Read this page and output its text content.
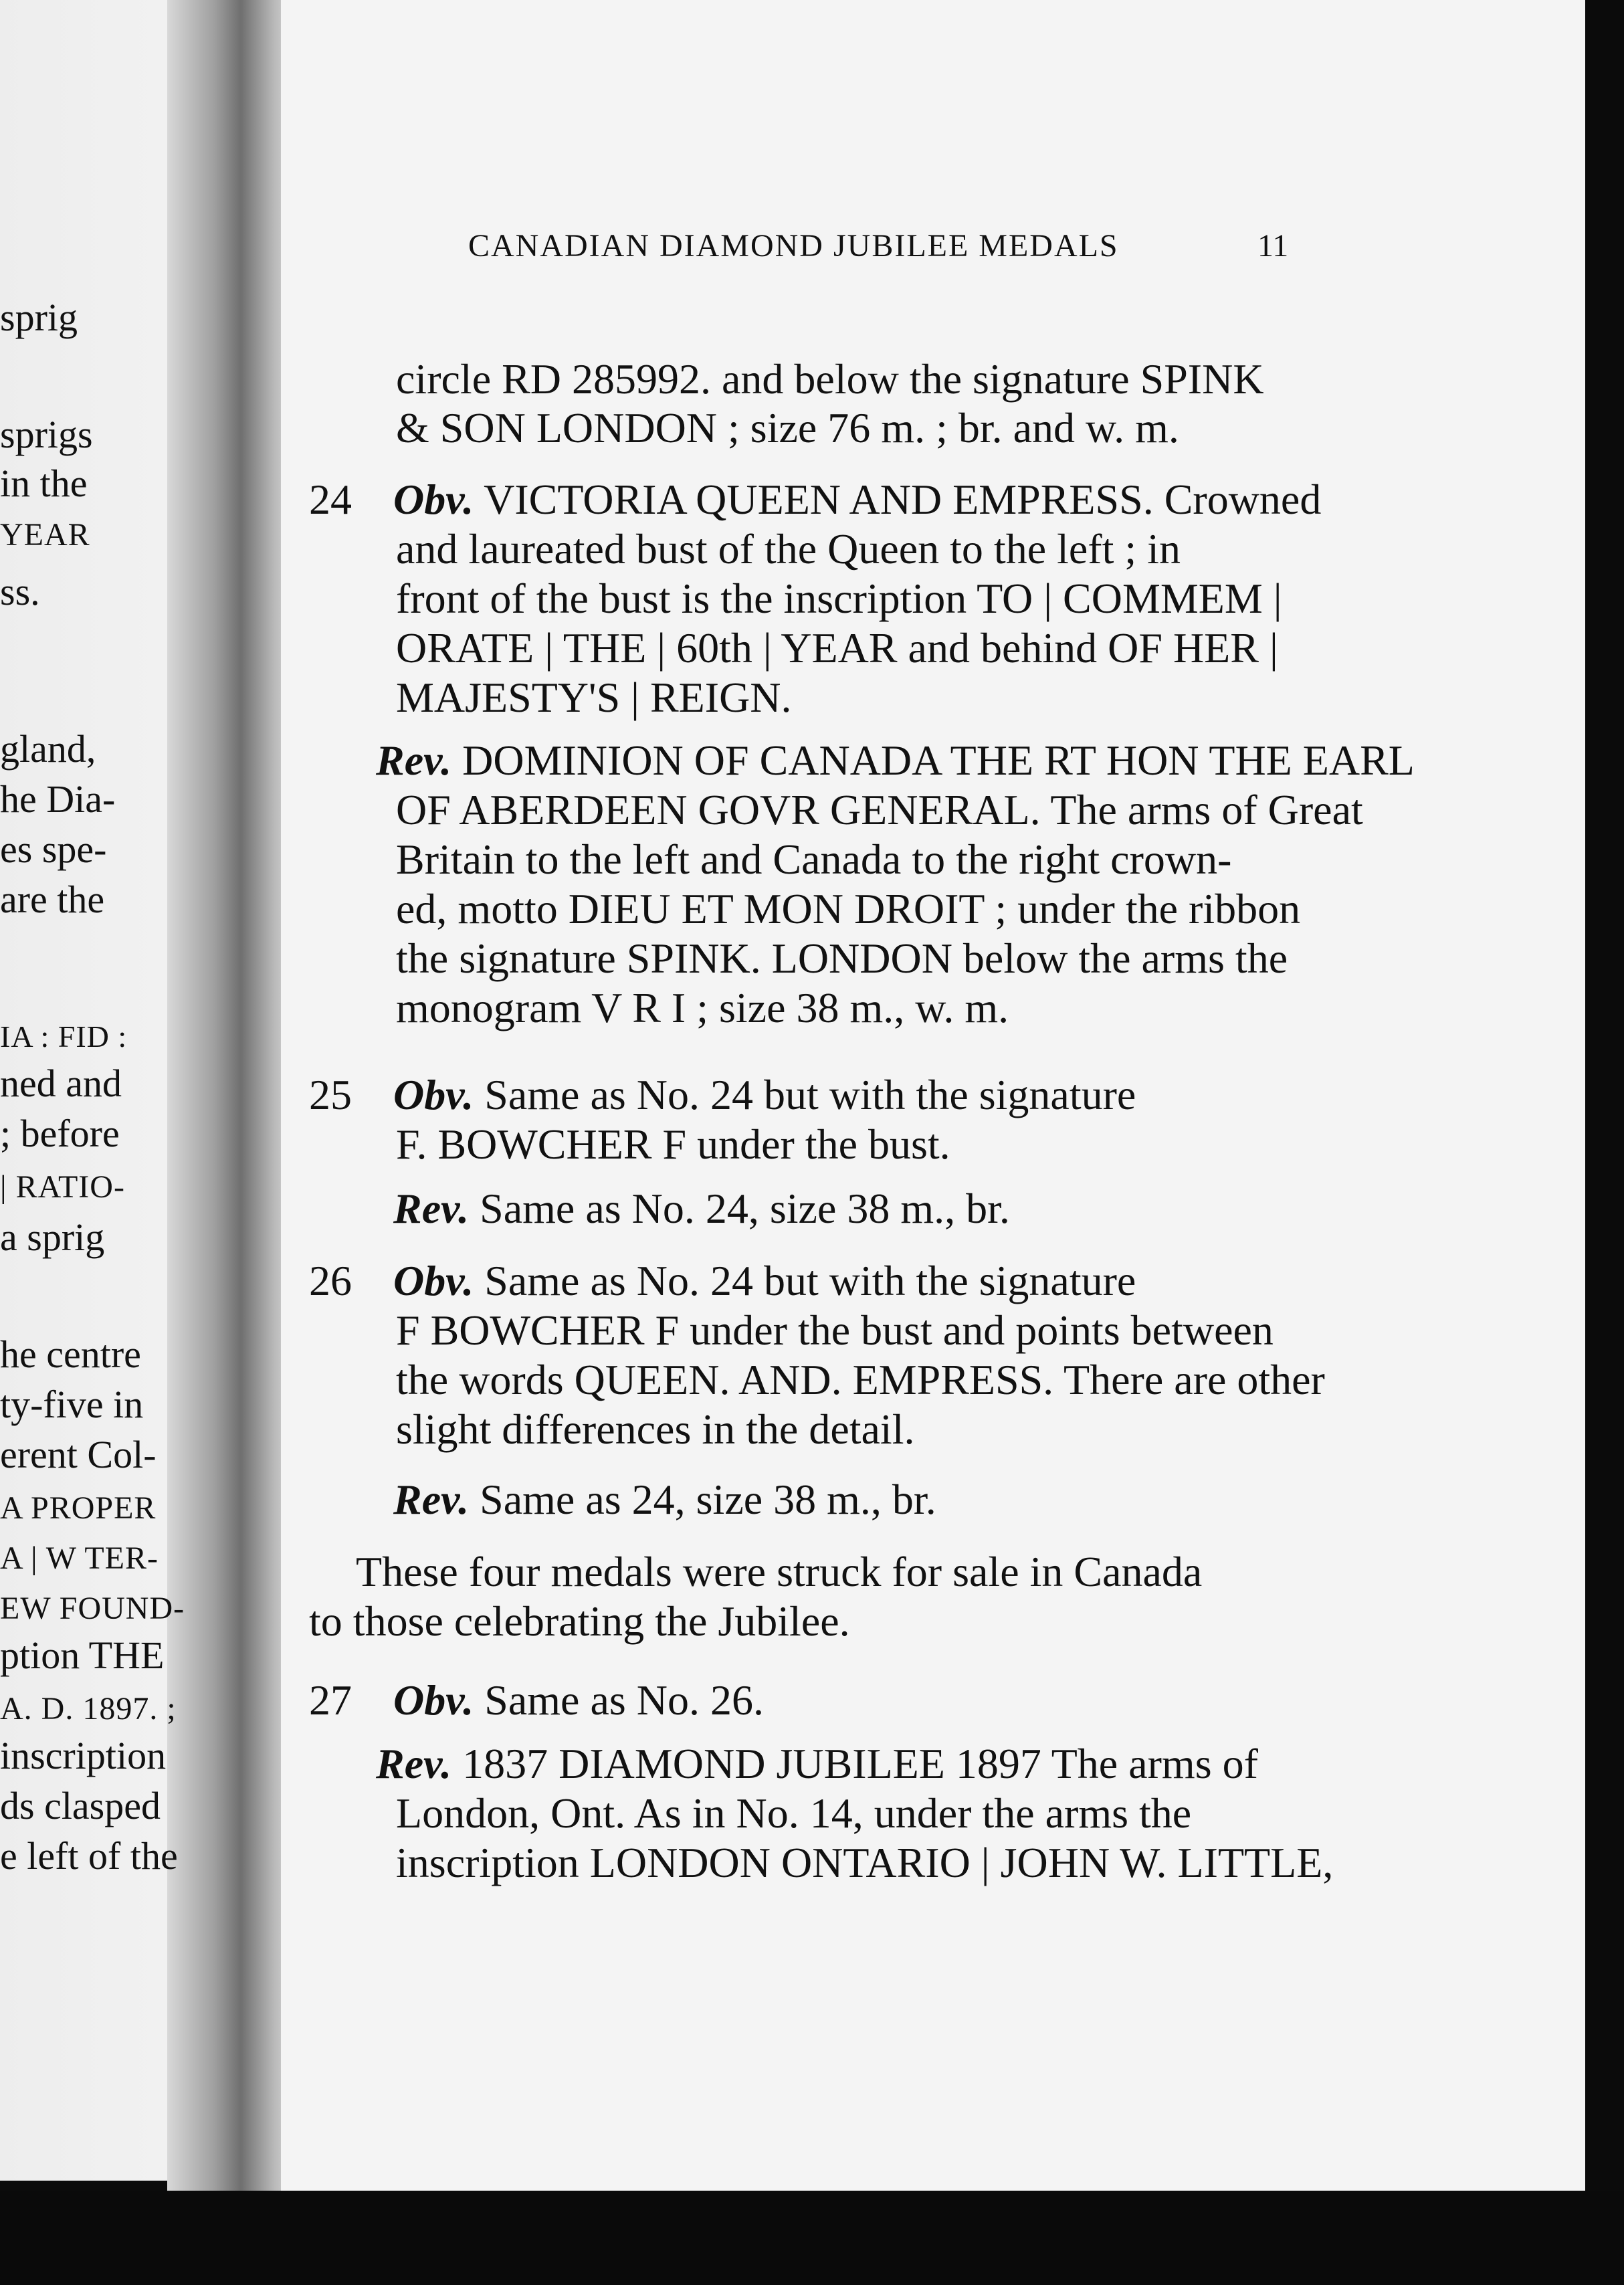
sprig
sprigs
in the
YEAR
ss.
gland,
he Dia-
es spe-
are the
IA : FID :
ned and
; before
| RATIO-
a sprig
he centre
ty-five in
erent Col-
A PROPER
A | W TER-
EW FOUND-
ption THE
A. D. 1897. ;
inscription
ds clasped
e left of the
CANADIAN DIAMOND JUBILEE MEDALS	11
circle RD 285992. and below the signature SPINK
& SON LONDON ; size 76 m. ; br. and w. m.
24 Obv. VICTORIA QUEEN AND EMPRESS. Crowned
and laureated bust of the Queen to the left ; in
front of the bust is the inscription TO | COMMEM |
ORATE | THE | 60th | YEAR and behind OF HER |
MAJESTY'S | REIGN.
Rev. DOMINION OF CANADA THE RT HON THE EARL
OF ABERDEEN GOVR GENERAL. The arms of Great
Britain to the left and Canada to the right crown-
ed, motto DIEU ET MON DROIT ; under the ribbon
the signature SPINK. LONDON below the arms the
monogram V R I ; size 38 m., w. m.
25 Obv. Same as No. 24 but with the signature
F. BOWCHER F under the bust.
Rev. Same as No. 24, size 38 m., br.
26 Obv. Same as No. 24 but with the signature
F BOWCHER F under the bust and points between
the words QUEEN. AND. EMPRESS. There are other
slight differences in the detail.
Rev. Same as 24, size 38 m., br.
These four medals were struck for sale in Canada
to those celebrating the Jubilee.
27 Obv. Same as No. 26.
Rev. 1837 DIAMOND JUBILEE 1897 The arms of
London, Ont. As in No. 14, under the arms the
inscription LONDON ONTARIO | JOHN W. LITTLE,
